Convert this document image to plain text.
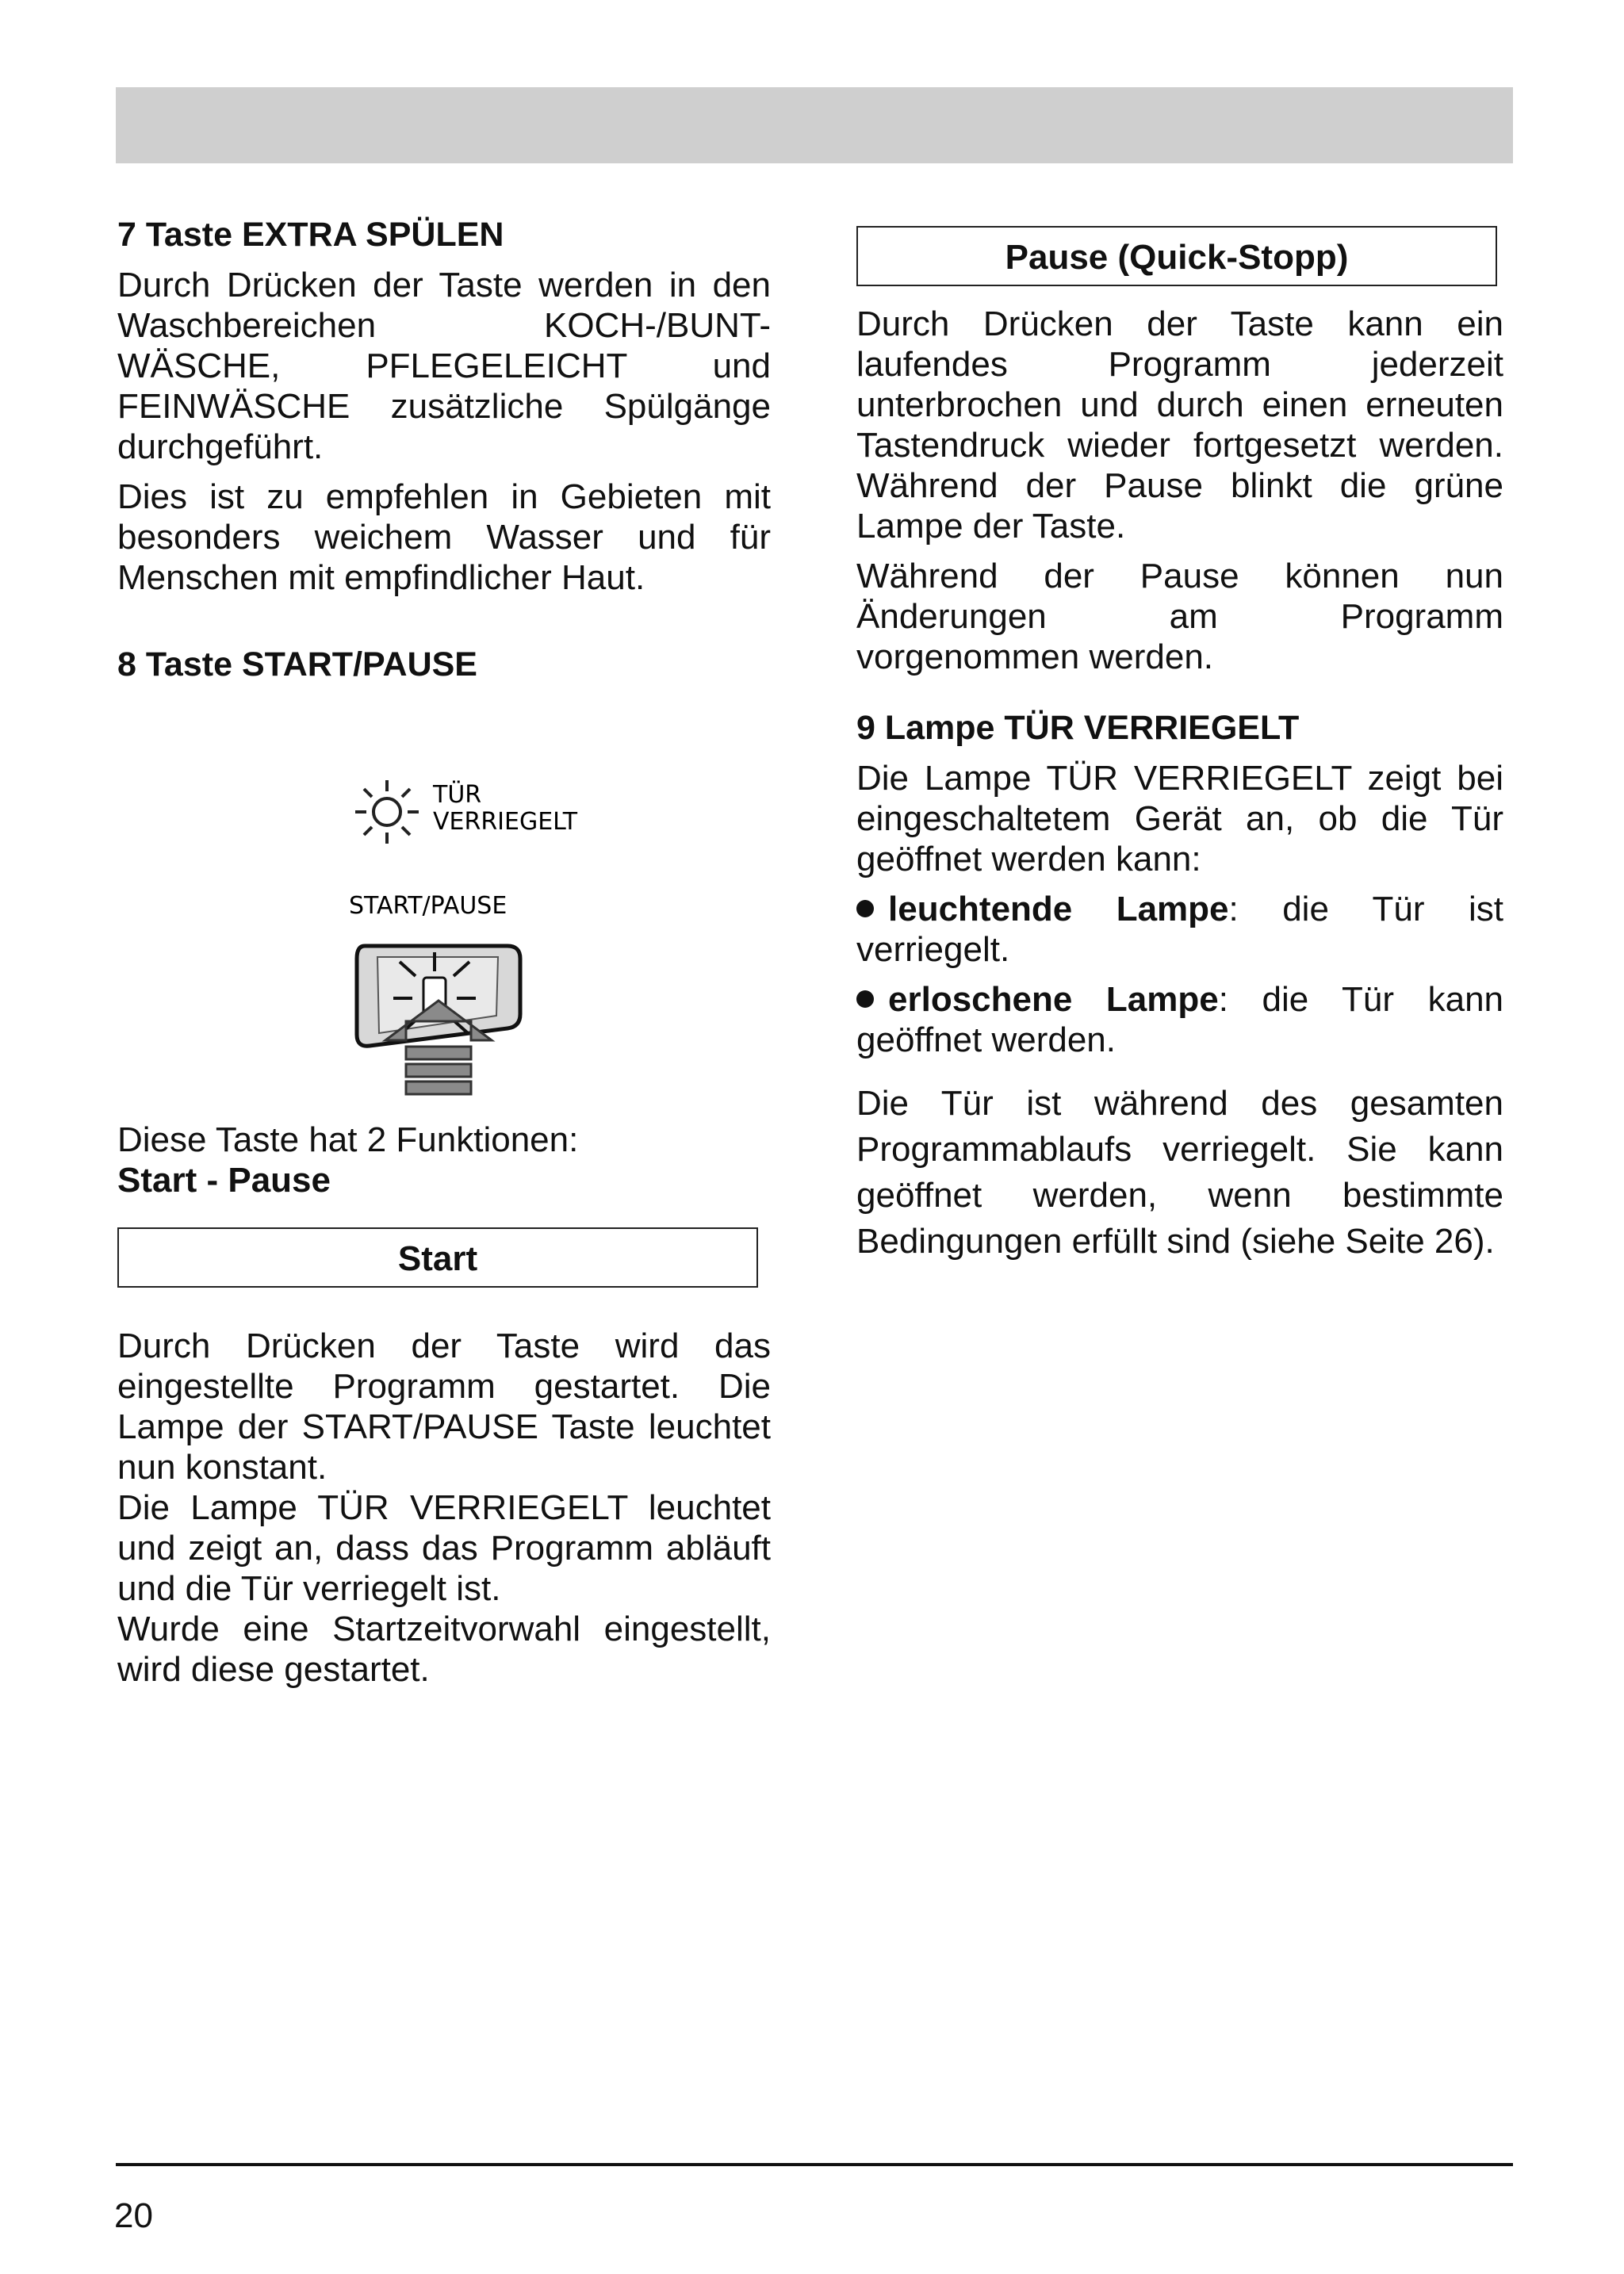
7 Taste EXTRA SPÜLEN

Durch Drücken der Taste werden in den Waschbereichen KOCH-/BUNT-WÄSCHE, PFLEGELEICHT und FEINWÄSCHE zusätzliche Spülgänge durchgeführt.

Dies ist zu empfehlen in Gebieten mit besonders weichem Wasser und für Menschen mit empfindlicher Haut.

8 Taste START/PAUSE

TÜR
VERRIEGELT
START/PAUSE

Diese Taste hat 2 Funktionen:

Start - Pause

Start

Durch Drücken der Taste wird das eingestellte Programm gestartet. Die Lampe der START/PAUSE Taste leuchtet nun konstant.

Die Lampe TÜR VERRIEGELT leuchtet und zeigt an, dass das Programm abläuft und die Tür verriegelt ist.

Wurde eine Startzeitvorwahl eingestellt, wird diese gestartet.

Pause (Quick-Stopp)

Durch Drücken der Taste kann ein laufendes Programm jederzeit unterbrochen und durch einen erneuten Tastendruck wieder fortgesetzt werden. Während der Pause blinkt die grüne Lampe der Taste.

Während der Pause können nun Änderungen am Programm vorgenommen werden.

9 Lampe TÜR VERRIEGELT

Die Lampe TÜR VERRIEGELT zeigt bei eingeschaltetem Gerät an, ob die Tür geöffnet werden kann:

leuchtende Lampe: die Tür ist verriegelt.

erloschene Lampe: die Tür kann geöffnet werden.

Die Tür ist während des gesamten Programmablaufs verriegelt. Sie kann geöffnet werden, wenn bestimmte Bedingungen erfüllt sind (siehe Seite 26).

20
